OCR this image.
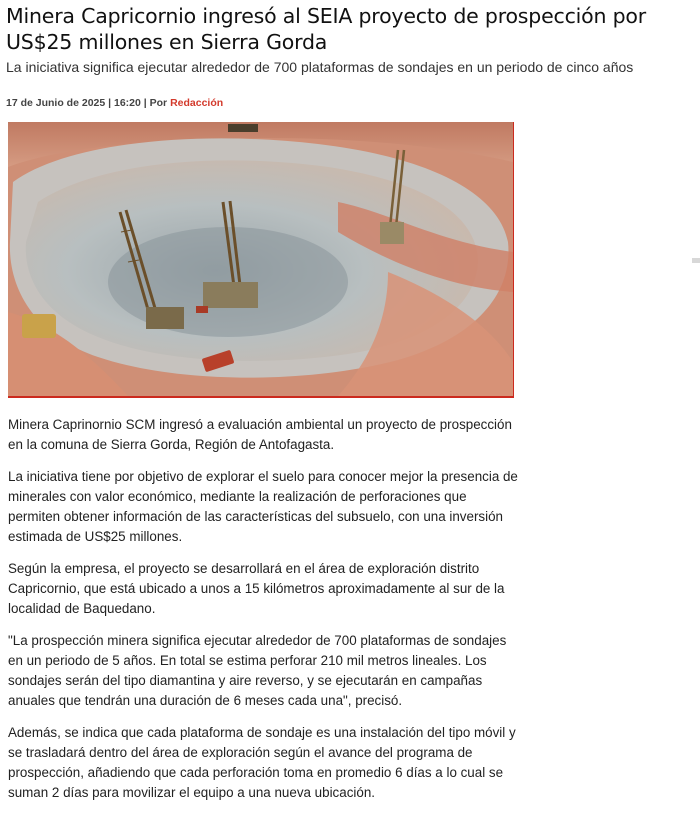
Minera Capricornio ingresó al SEIA proyecto de prospección por US$25 millones en Sierra Gorda
La iniciativa significa ejecutar alrededor de 700 plataformas de sondajes en un periodo de cinco años
17 de Junio de 2025 | 16:20 | Por Redacción

Minera Caprinornio SCM ingresó a evaluación ambiental un proyecto de prospección en la comuna de Sierra Gorda, Región de Antofagasta.

La iniciativa tiene por objetivo de explorar el suelo para conocer mejor la presencia de minerales con valor económico, mediante la realización de perforaciones que permiten obtener información de las características del subsuelo, con una inversión estimada de US$25 millones.

Según la empresa, el proyecto se desarrollará en el área de exploración distrito Capricornio, que está ubicado a unos a 15 kilómetros aproximadamente al sur de la localidad de Baquedano.

"La prospección minera significa ejecutar alrededor de 700 plataformas de sondajes en un periodo de 5 años. En total se estima perforar 210 mil metros lineales. Los sondajes serán del tipo diamantina y aire reverso, y se ejecutarán en campañas anuales que tendrán una duración de 6 meses cada una", precisó.

Además, se indica que cada plataforma de sondaje es una instalación del tipo móvil y se trasladará dentro del área de exploración según el avance del programa de prospección, añadiendo que cada perforación toma en promedio 6 días a lo cual se suman 2 días para movilizar el equipo a una nueva ubicación.
